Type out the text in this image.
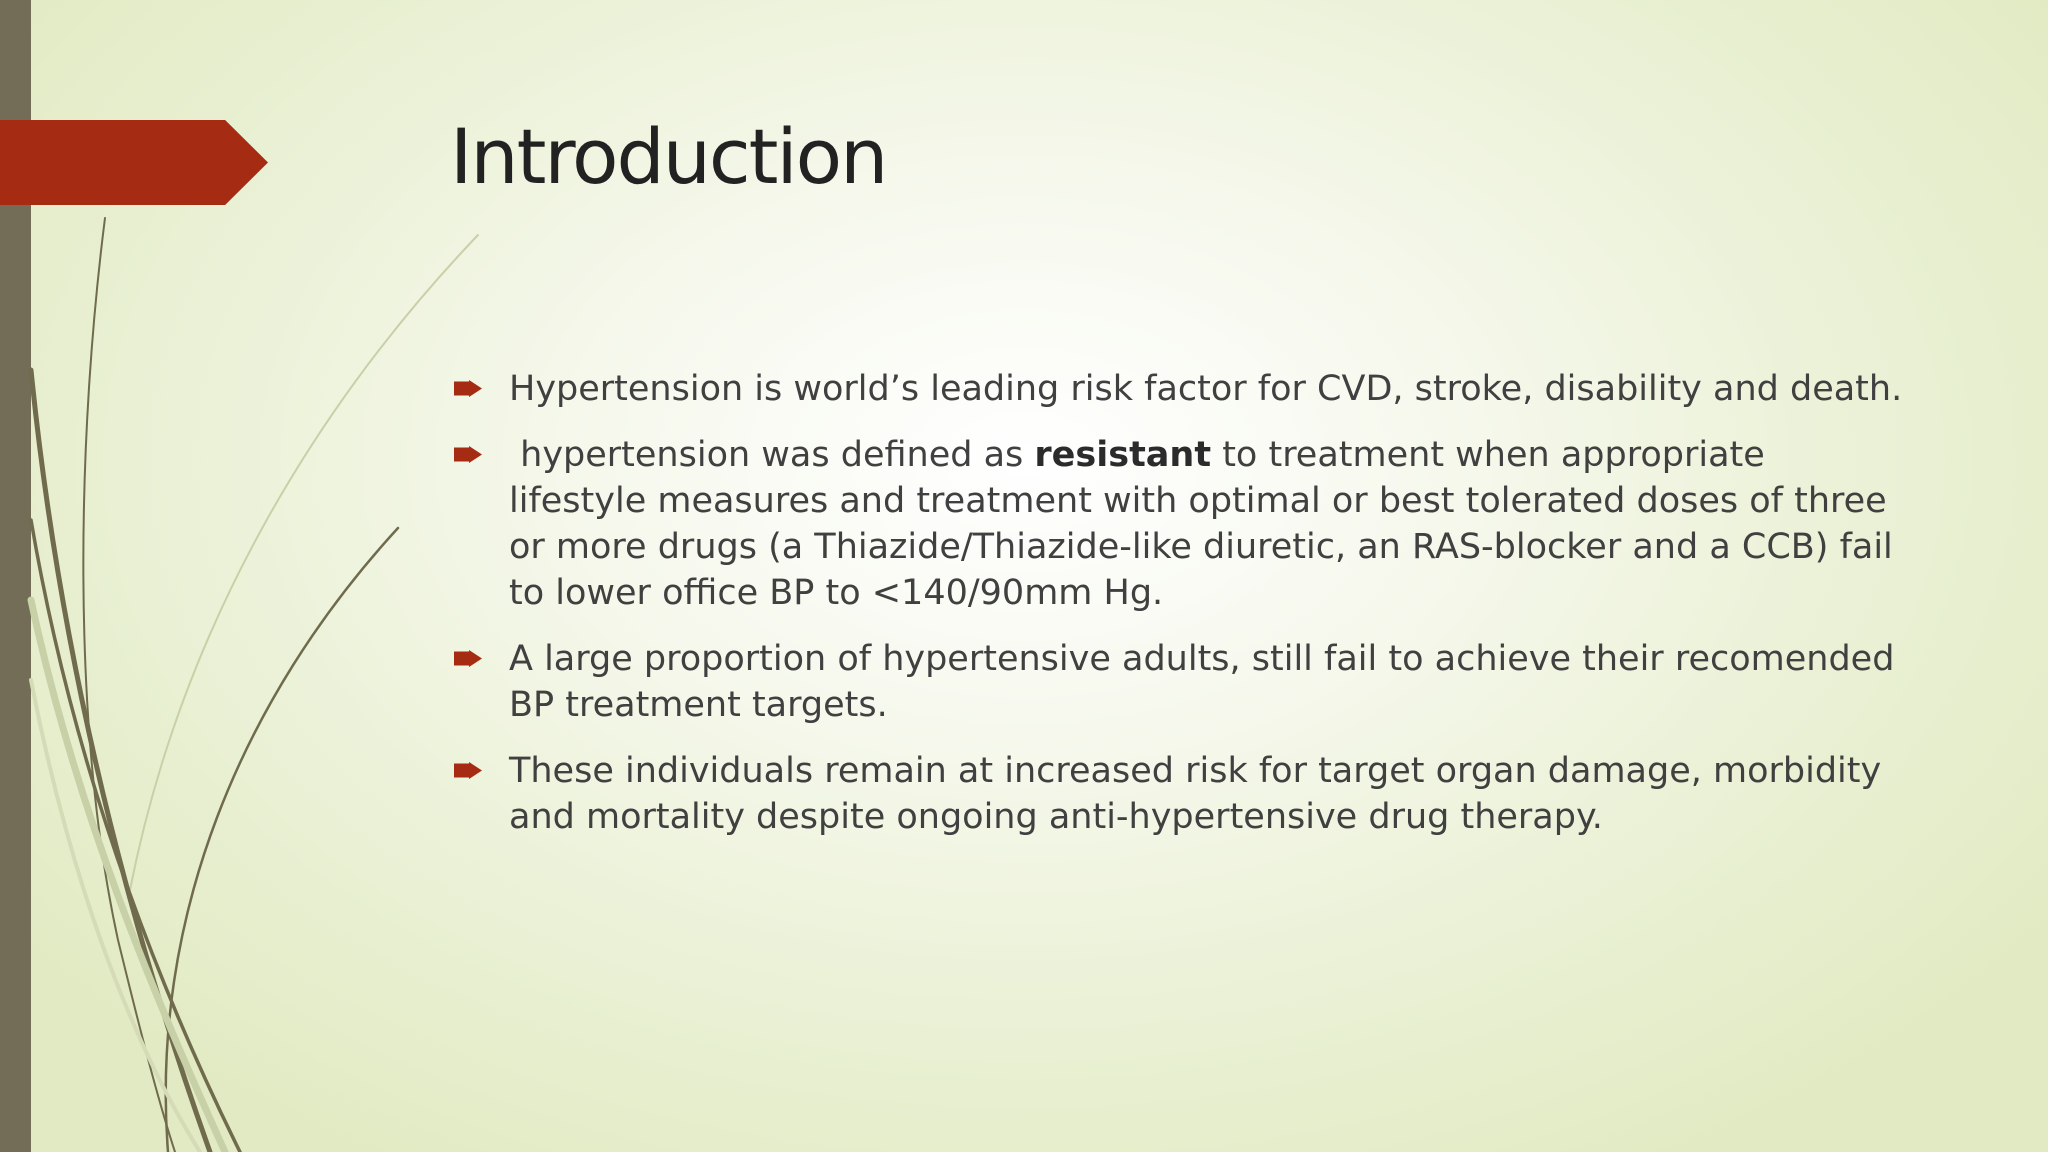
Introduction
Hypertension is world’s leading risk factor for CVD, stroke, disability and death.
hypertension was defined as resistant to treatment when appropriate lifestyle measures and treatment with optimal or best tolerated doses of three or more drugs (a Thiazide/Thiazide-like diuretic, an RAS-blocker and a CCB) fail to lower office BP to <140/90mm Hg.
A large proportion of hypertensive adults, still fail to achieve their recomended BP treatment targets.
These individuals remain at increased risk for target organ damage, morbidity and mortality despite ongoing anti-hypertensive drug therapy.
